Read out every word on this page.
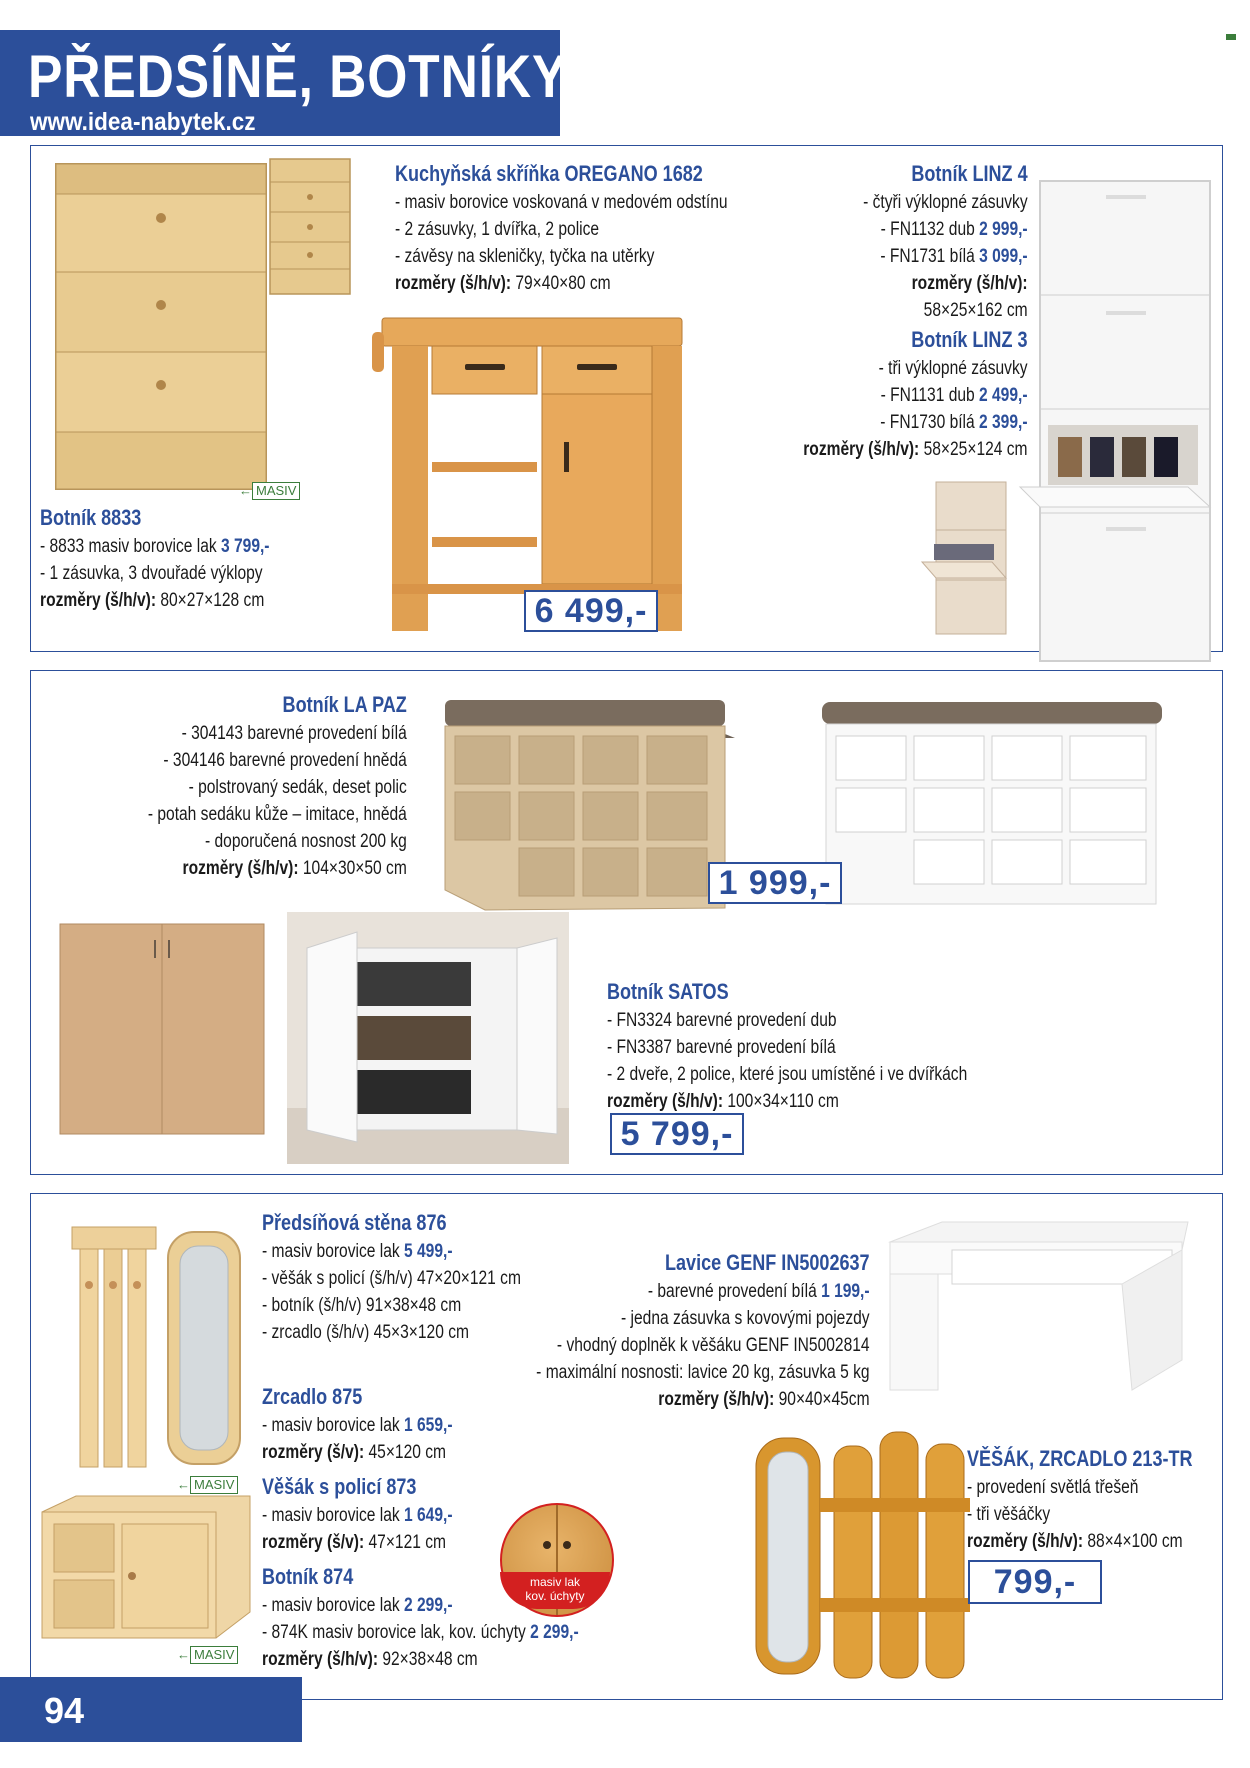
PŘEDSÍNĚ, BOTNÍKY
www.idea-nabytek.cz
← MASIV
Botník 8833
- 8833 masiv borovice lak 3 799,-
- 1 zásuvka, 3 dvouřadé výklopy
rozměry (š/h/v): 80×27×128 cm
Kuchyňská skříňka OREGANO 1682
- masiv borovice voskovaná v medovém odstínu
- 2 zásuvky, 1 dvířka, 2 police
- závěsy na skleničky, tyčka na utěrky
rozměry (š/h/v): 79×40×80 cm
6 499,-
Botník LINZ 4
- čtyři výklopné zásuvky
- FN1132 dub 2 999,-
- FN1731 bílá 3 099,-
rozměry (š/h/v):
58×25×162 cm
Botník LINZ 3
- tři výklopné zásuvky
- FN1131 dub 2 499,-
- FN1730 bílá 2 399,-
rozměry (š/h/v): 58×25×124 cm
Botník LA PAZ
- 304143 barevné provedení bílá
- 304146 barevné provedení hnědá
- polstrovaný sedák, deset polic
- potah sedáku kůže – imitace, hnědá
- doporučená nosnost 200 kg
rozměry (š/h/v): 104×30×50 cm	1 999,-
Botník SATOS
- FN3324 barevné provedení dub
- FN3387 barevné provedení bílá
- 2 dveře, 2 police, které jsou umístěné i ve dvířkách
rozměry (š/h/v): 100×34×110 cm
5 799,-
← MASIV
← MASIV
Předsíňová stěna 876
- masiv borovice lak 5 499,-
- věšák s policí (š/h/v) 47×20×121 cm
- botník (š/h/v) 91×38×48 cm
- zrcadlo (š/h/v) 45×3×120 cm
Zrcadlo 875
- masiv borovice lak 1 659,-
rozměry (š/v): 45×120 cm
Věšák s policí 873
- masiv borovice lak 1 649,-
rozměry (š/v): 47×121 cm
Botník 874
- masiv borovice lak 2 299,-
- 874K masiv borovice lak, kov. úchyty 2 299,-
rozměry (š/h/v): 92×38×48 cm
masiv lak
kov. úchyty
Lavice GENF IN5002637
- barevné provedení bílá 1 199,-
- jedna zásuvka s kovovými pojezdy
- vhodný doplněk k věšáku GENF IN5002814
- maximální nosnosti: lavice 20 kg, zásuvka 5 kg
rozměry (š/h/v): 90×40×45cm
VĚŠÁK, ZRCADLO 213-TR
- provedení světlá třešeň
- tři věšáčky
rozměry (š/h/v): 88×4×100 cm
799,-
94
